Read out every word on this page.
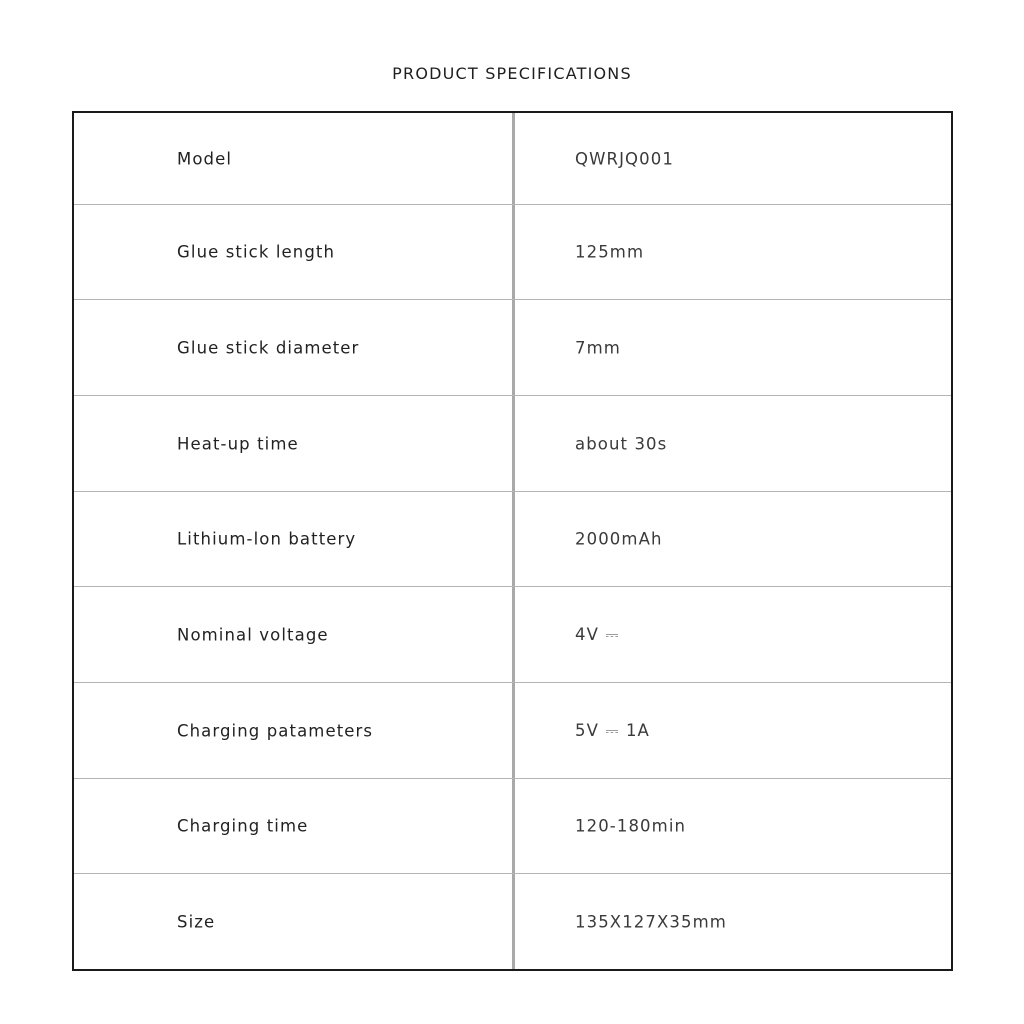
PRODUCT SPECIFICATIONS
Model	QWRJQ001
Glue stick length	125mm
Glue stick diameter	7mm
Heat-up time	about 30s
Lithium-lon battery	2000mAh
Nominal voltage	4V ⎓
Charging patameters	5V ⎓ 1A
Charging time	120-180min
Size	135X127X35mm
